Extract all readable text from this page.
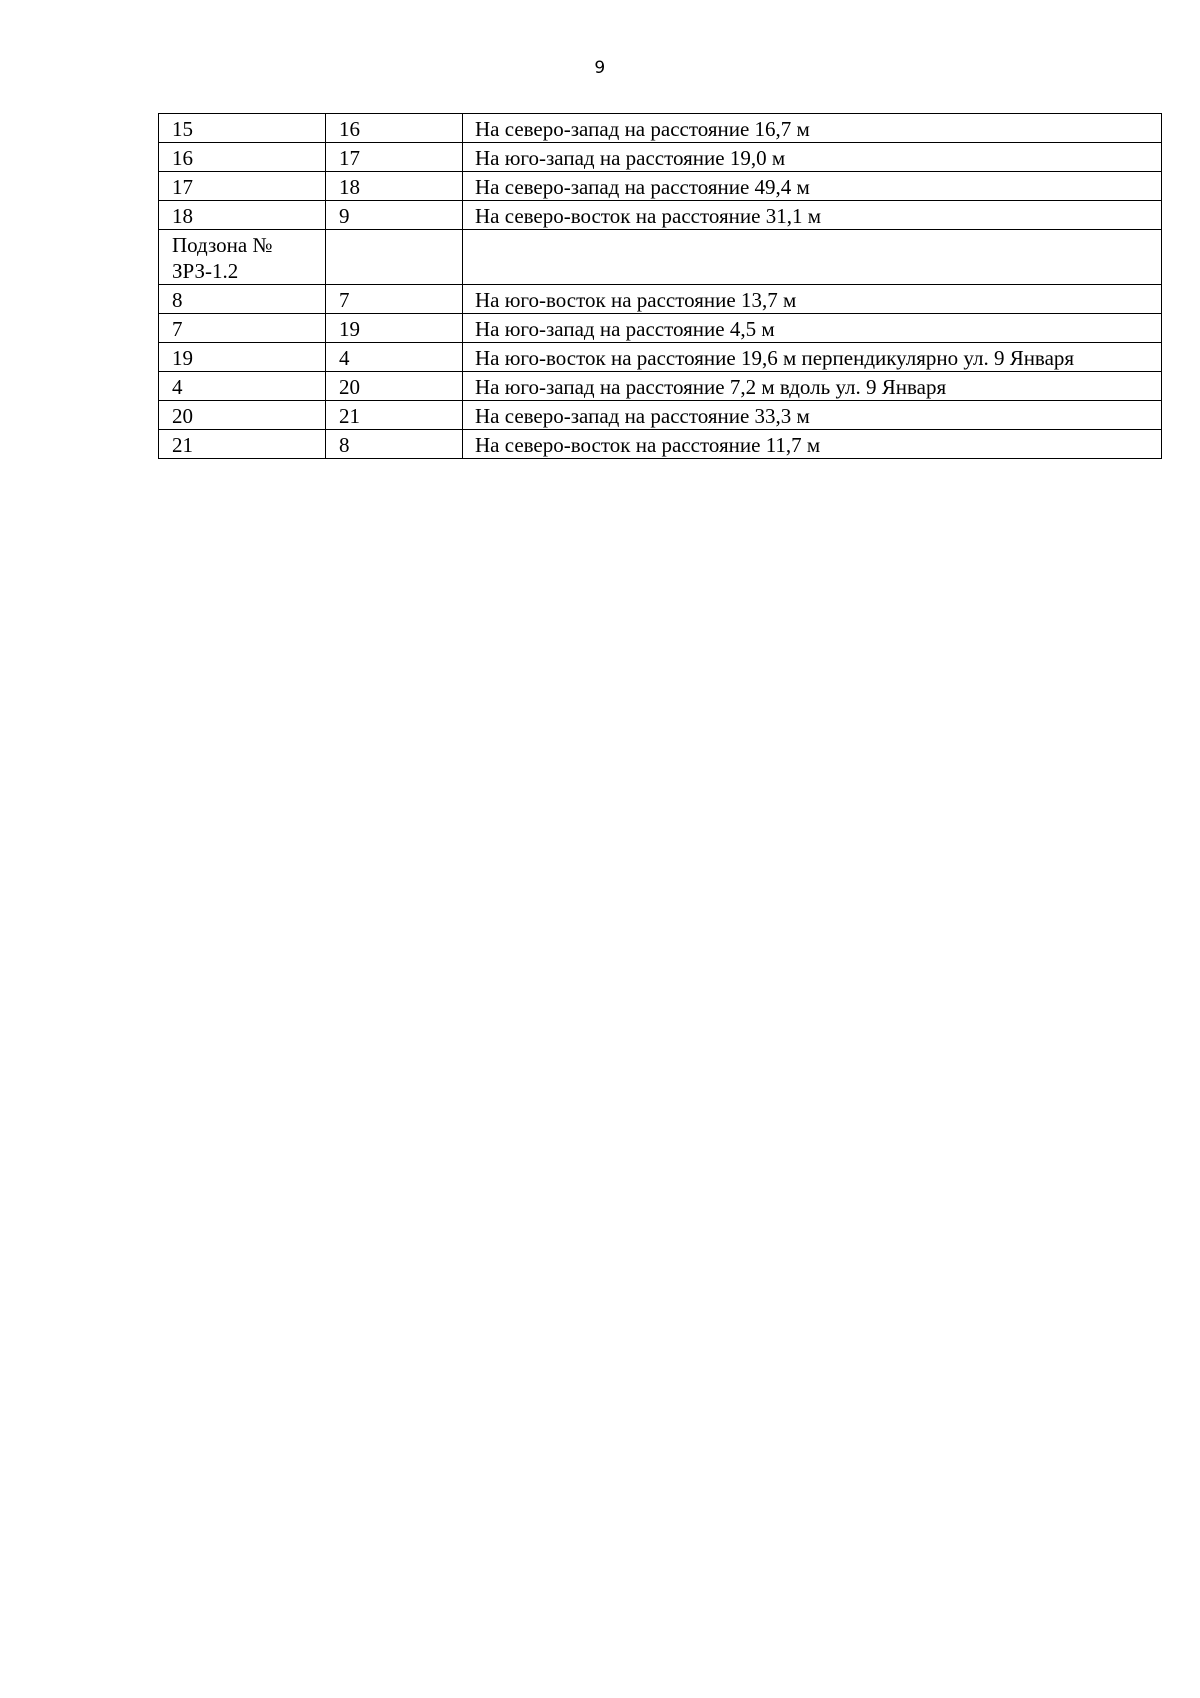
9
15	16	На северо-запад на расстояние 16,7 м
16	17	На юго-запад на расстояние 19,0 м
17	18	На северо-запад на расстояние 49,4 м
18	9	На северо-восток на расстояние 31,1 м
Подзона № ЗРЗ-1.2		
8	7	На юго-восток на расстояние 13,7 м
7	19	На юго-запад на расстояние 4,5 м
19	4	На юго-восток на расстояние 19,6 м перпендикулярно ул. 9 Января
4	20	На юго-запад на расстояние 7,2 м вдоль ул. 9 Января
20	21	На северо-запад на расстояние 33,3 м
21	8	На северо-восток на расстояние 11,7 м
